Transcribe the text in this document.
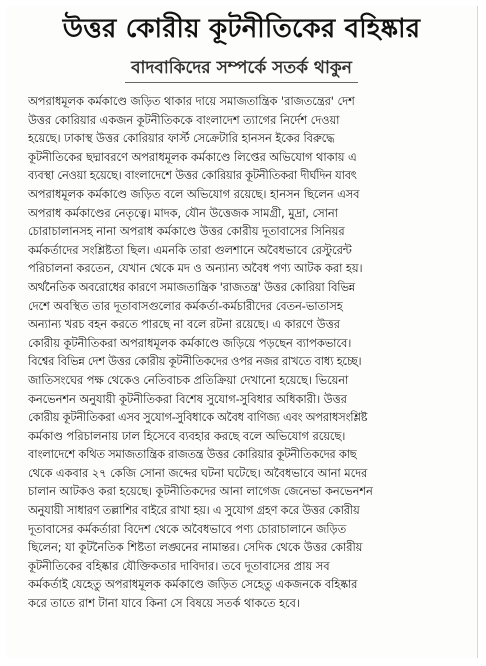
উত্তর কোরীয় কূটনীতিকের বহিষ্কার
বাদবাকিদের সম্পর্কে সতর্ক থাকুন
অপরাধমূলক কর্মকাণ্ডে জড়িত থাকার দায়ে সমাজতান্ত্রিক 'রাজতন্ত্রের' দেশ
উত্তর কোরিয়ার একজন কূটনীতিককে বাংলাদেশ ত্যাগের নির্দেশ দেওয়া
হয়েছে। ঢাকাস্থ উত্তর কোরিয়ার ফার্স্ট সেক্রেটারি হানসন ইকের বিরুদ্ধে
কূটনীতিকের ছদ্মাবরণে অপরাধমূলক কর্মকাণ্ডে লিপ্তের অভিযোগ থাকায় এ
ব্যবস্থা নেওয়া হয়েছে। বাংলাদেশে উত্তর কোরিয়ার কূটনীতিকরা দীর্ঘদিন যাবৎ
অপরাধমূলক কর্মকাণ্ডে জড়িত বলে অভিযোগ রয়েছে। হানসন ছিলেন এসব
অপরাধ কর্মকাণ্ডের নেতৃত্বে। মাদক, যৌন উত্তেজক সামগ্রী, মুদ্রা, সোনা
চোরাচালানসহ নানা অপরাধ কর্মকাণ্ডে উত্তর কোরীয় দূতাবাসের সিনিয়র
কর্মকর্তাদের সংশ্লিষ্টতা ছিল। এমনকি তারা গুলশানে অবৈধভাবে রেস্টুরেন্ট
পরিচালনা করতেন, যেখান থেকে মদ ও অন্যান্য অবৈধ পণ্য আটক করা হয়।
অর্থনৈতিক অবরোধের কারণে সমাজতান্ত্রিক 'রাজতন্ত্র' উত্তর কোরিয়া বিভিন্ন
দেশে অবস্থিত তার দূতাবাসগুলোর কর্মকর্তা-কর্মচারীদের বেতন-ভাতাসহ
অন্যান্য খরচ বহন করতে পারছে না বলে রটনা রয়েছে। এ কারণে উত্তর
কোরীয় কূটনীতিকরা অপরাধমূলক কর্মকাণ্ডে জড়িয়ে পড়ছেন ব্যাপকভাবে।
বিশ্বের বিভিন্ন দেশ উত্তর কোরীয় কূটনীতিকদের ওপর নজর রাখতে বাধ্য হচ্ছে।
জাতিসংঘের পক্ষ থেকেও নেতিবাচক প্রতিক্রিয়া দেখানো হয়েছে। ভিয়েনা
কনভেনশন অনুযায়ী কূটনীতিকরা বিশেষ সুযোগ-সুবিধার অধিকারী। উত্তর
কোরীয় কূটনীতিকরা এসব সুযোগ-সুবিধাকে অবৈধ বাণিজ্য এবং অপরাধসংশ্লিষ্ট
কর্মকাণ্ড পরিচালনায় ঢাল হিসেবে ব্যবহার করছে বলে অভিযোগ রয়েছে।
বাংলাদেশে কথিত সমাজতান্ত্রিক রাজতন্ত্র উত্তর কোরিয়ার কূটনীতিকদের কাছ
থেকে একবার ২৭ কেজি সোনা জব্দের ঘটনা ঘটেছে। অবৈধভাবে আনা মদের
চালান আটকও করা হয়েছে। কূটনীতিকদের আনা লাগেজ জেনেভা কনভেনশন
অনুযায়ী সাধারণ তল্লাশির বাইরে রাখা হয়। এ সুযোগ গ্রহণ করে উত্তর কোরীয়
দূতাবাসের কর্মকর্তারা বিদেশ থেকে অবৈধভাবে পণ্য চোরাচালানে জড়িত
ছিলেন; যা কূটনৈতিক শিষ্টতা লঙ্ঘনের নামান্তর। সেদিক থেকে উত্তর কোরীয়
কূটনীতিকের বহিষ্কার যৌক্তিকতার দাবিদার। তবে দূতাবাসের প্রায় সব
কর্মকর্তাই যেহেতু অপরাধমূলক কর্মকাণ্ডে জড়িত সেহেতু একজনকে বহিষ্কার
করে তাতে রাশ টানা যাবে কিনা সে বিষয়ে সতর্ক থাকতে হবে।
